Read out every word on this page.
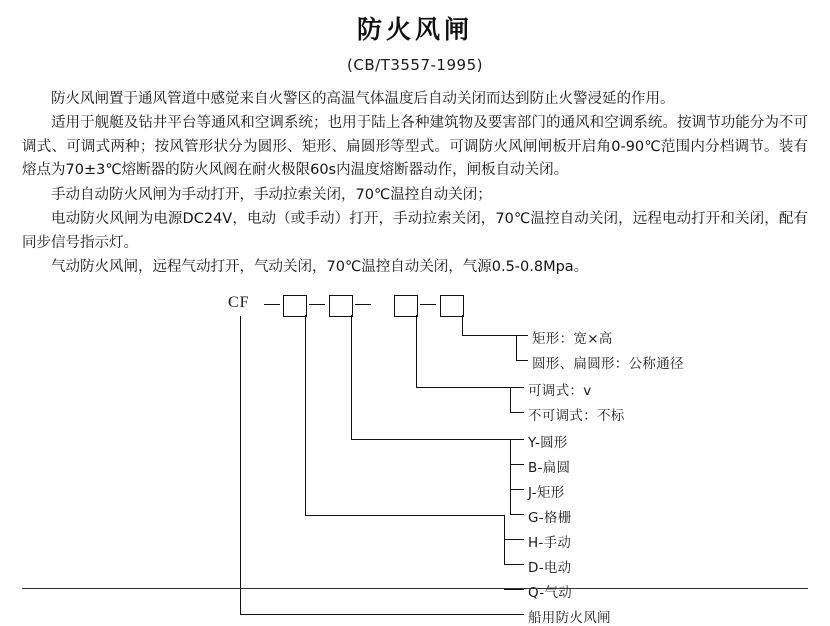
防火风闸
(CB/T3557-1995)

防火风闸置于通风管道中感觉来自火警区的高温气体温度后自动关闭而达到防止火警浸延的作用。

适用于舰艇及钻井平台等通风和空调系统；也用于陆上各种建筑物及要害部门的通风和空调系统。按调节功能分为不可调式、可调式两种；按风管形状分为圆形、矩形、扁圆形等型式。可调防火风闸闸板开启角0-90℃范围内分档调节。装有熔点为70±3℃熔断器的防火风阀在耐火极限60s内温度熔断器动作，闸板自动关闭。

手动自动防火风闸为手动打开，手动拉索关闭，70℃温控自动关闭；

电动防火风闸为电源DC24V，电动（或手动）打开，手动拉索关闭，70℃温控自动关闭，远程电动打开和关闭，配有同步信号指示灯。

气动防火风闸，远程气动打开，气动关闭，70℃温控自动关闭，气源0.5-0.8Mpa。

CF
矩形：宽×高
圆形、扁圆形：公称通径
可调式：v
不可调式：不标
Y-圆形
B-扁圆
J-矩形
G-格栅
H-手动
D-电动
Q-气动
船用防火风闸
